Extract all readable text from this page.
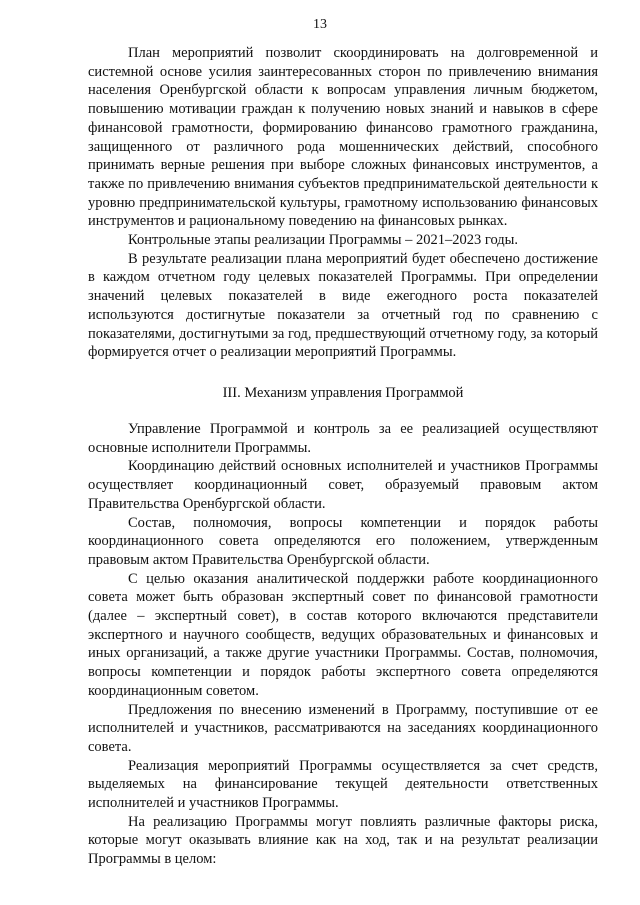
13

План мероприятий позволит скоординировать на долговременной и системной основе усилия заинтересованных сторон по привлечению внимания населения Оренбургской области к вопросам управления личным бюджетом, повышению мотивации граждан к получению новых знаний и навыков в сфере финансовой грамотности, формированию финансово грамотного гражданина, защищенного от различного рода мошеннических действий, способного принимать верные решения при выборе сложных финансовых инструментов, а также по привлечению внимания субъектов предпринимательской деятельности к уровню предпринимательской культуры, грамотному использованию финансовых инструментов и рациональному поведению на финансовых рынках.

Контрольные этапы реализации Программы – 2021–2023 годы.

В результате реализации плана мероприятий будет обеспечено достижение в каждом отчетном году целевых показателей Программы. При определении значений целевых показателей в виде ежегодного роста показателей используются достигнутые показатели за отчетный год по сравнению с показателями, достигнутыми за год, предшествующий отчетному году, за который формируется отчет о реализации мероприятий Программы.

III. Механизм управления Программой

Управление Программой и контроль за ее реализацией осуществляют основные исполнители Программы.

Координацию действий основных исполнителей и участников Программы осуществляет координационный совет, образуемый правовым актом Правительства Оренбургской области.

Состав, полномочия, вопросы компетенции и порядок работы координационного совета определяются его положением, утвержденным правовым актом Правительства Оренбургской области.

С целью оказания аналитической поддержки работе координационного совета может быть образован экспертный совет по финансовой грамотности (далее – экспертный совет), в состав которого включаются представители экспертного и научного сообществ, ведущих образовательных и финансовых и иных организаций, а также другие участники Программы. Состав, полномочия, вопросы компетенции и порядок работы экспертного совета определяются координационным советом.

Предложения по внесению изменений в Программу, поступившие от ее исполнителей и участников, рассматриваются на заседаниях координационного совета.

Реализация мероприятий Программы осуществляется за счет средств, выделяемых на финансирование текущей деятельности ответственных исполнителей и участников Программы.

На реализацию Программы могут повлиять различные факторы риска, которые могут оказывать влияние как на ход, так и на результат реализации Программы в целом:
